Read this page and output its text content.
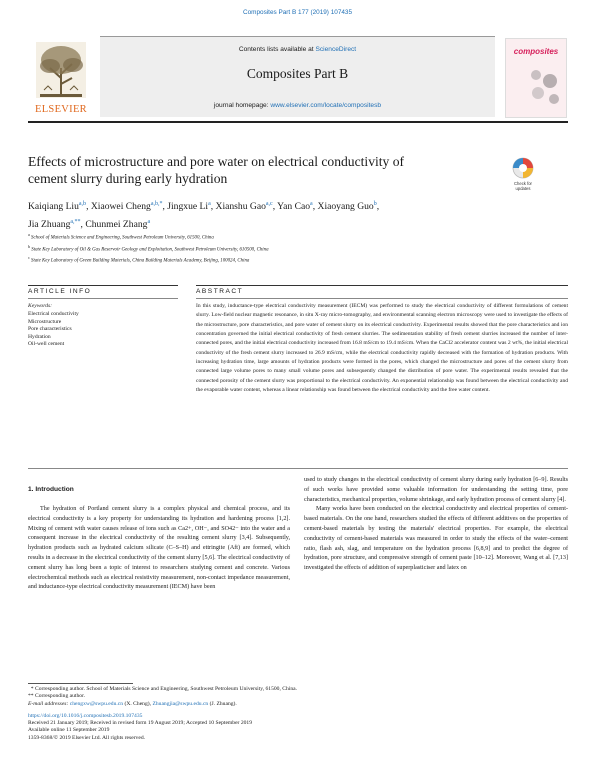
Composites Part B 177 (2019) 107435
Contents lists available at ScienceDirect
Composites Part B
journal homepage: www.elsevier.com/locate/compositesb
ELSEVIER
composites
Effects of microstructure and pore water on electrical conductivity of
cement slurry during early hydration	Check for
updates
Kaiqiang Liu$^{a,b}$, Xiaowei Cheng$^{a,b,*}$, Jingxue Li$^a$, Xianshu Gao$^{a,c}$, Yan Cao$^a$, Xiaoyang Guo$^b$,
Jia Zhuang$^{a,**}$, Chunmei Zhang$^a$
$^a$ School of Materials Science and Engineering, Southwest Petroleum University, 61500, China
$^b$ State Key Laboratory of Oil & Gas Reservoir Geology and Exploitation, Southwest Petroleum University, 610500, China
$^c$ State Key Laboratory of Green Building Materials, China Building Materials Academy, Beijing, 100024, China
ARTICLE INFO	ABSTRACT
Keywords:
Electrical conductivity
Microstructure
Pore characteristics
Hydration
Oil-well cement
In this study, inductance-type electrical conductivity measurement (IECM) was performed to study the electrical conductivity of different formulations of cement slurry. Low-field nuclear magnetic resonance, in situ X-ray micro-tomography, and environmental scanning electron microscopy were used to investigate the effects of the microstructure, pore characteristics, and pore water of cement slurry on its electrical conductivity. Experimental results showed that the pore characteristics and ion concentration governed the initial electrical conductivity of fresh cement slurries. The sedimentation stability of fresh cement slurries increased the number of inter-connected pores, and the initial electrical conductivity increased from 16.8 mS/cm to 19.4 mS/cm. When the CaCl2 accelerator content was 2 wt%, the initial electrical conductivity of the fresh cement slurry increased to 26.9 mS/cm, while the electrical conductivity rapidly decreased with the formation of hydration products. With increasing hydration time, large amounts of hydration products were formed in the pores, which changed the microstructure and pores of the cement slurry from connected large volume pores to many small volume pores and subsequently changed the distribution of pore water. The experimental results revealed that the connected porosity of the cement slurry was proportional to the electrical conductivity. An exponential relationship was found between the electrical conductivity and the evaporable water content, whereas a linear relationship was found between the electrical conductivity and the free water content.
1. Introduction

The hydration of Portland cement slurry is a complex physical and chemical process, and its electrical conductivity is a key property for understanding its hydration and hardening process [1,2]. Mixing of cement with water causes release of ions such as Ca2+, OH−, and SO42− into the water and a consequent increase in the electrical conductivity of the resulting cement slurry [3,4]. Subsequently, hydration products such as hydrated calcium silicate (C–S–H) and ettringite (Aft) are formed, which results in a decrease in the electrical conductivity of the cement slurry [5,6]. The electrical conductivity of cement slurry has long been a topic of interest to researchers studying cement and concrete. Various electrochemical methods such as electrical resistivity measurement, non-contact impedance measurement, and inductance-type electrical conductivity measurement (IECM) have been

used to study changes in the electrical conductivity of cement slurry during early hydration [6–9]. Results of such works have provided some valuable information for understanding the setting time, pore characteristics, mechanical properties, volume shrinkage, and early hydration process of cement slurry [4].

Many works have been conducted on the electrical conductivity and electrical properties of cement-based materials. On the one hand, researchers studied the effects of different additives on the properties of cement-based materials by testing the materials' electrical properties. For example, the electrical conductivity of cement-based materials was measured in order to study the effects of the water–cement ratio, flash ash, slag, and temperature on the hydration process [6,8,9] and to predict the degree of hydration, pore structure, and compressive strength of cement paste [10–12]. Moreover, Wang et al. [7,13] investigated the effects of addition of superplasticiser and latex on

* Corresponding author. School of Materials Science and Engineering, Southwest Petroleum University, 61500, China.
** Corresponding author.
E-mail addresses: chengxw@swpu.edu.cn (X. Cheng), Zhuangjia@swpu.edu.cn (J. Zhuang).
https://doi.org/10.1016/j.compositesb.2019.107435
Received 21 January 2019; Received in revised form 19 August 2019; Accepted 10 September 2019
Available online 11 September 2019
1359-8368/© 2019 Elsevier Ltd. All rights reserved.
